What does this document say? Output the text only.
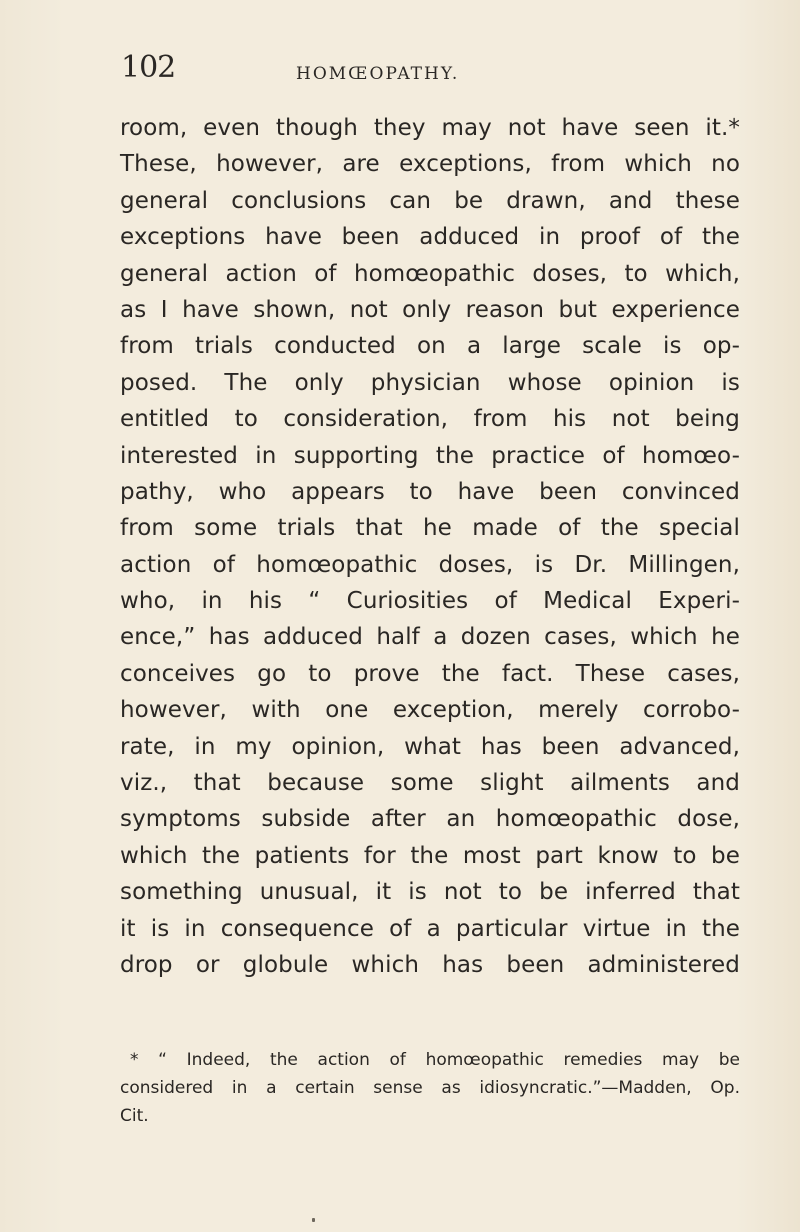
102	HOMŒOPATHY.
room, even though they may not have seen it.*
These, however, are exceptions, from which no
general conclusions can be drawn, and these
exceptions have been adduced in proof of the
general action of homœopathic doses, to which,
as I have shown, not only reason but experience
from trials conducted on a large scale is op-
posed. The only physician whose opinion is
entitled to consideration, from his not being
interested in supporting the practice of homœo-
pathy, who appears to have been convinced
from some trials that he made of the special
action of homœopathic doses, is Dr. Millingen,
who, in his “ Curiosities of Medical Experi-
ence,” has adduced half a dozen cases, which he
conceives go to prove the fact. These cases,
however, with one exception, merely corrobo-
rate, in my opinion, what has been advanced,
viz., that because some slight ailments and
symptoms subside after an homœopathic dose,
which the patients for the most part know to be
something unusual, it is not to be inferred that
it is in consequence of a particular virtue in the
drop or globule which has been administered
* “ Indeed, the action of homœopathic remedies may be
considered in a certain sense as idiosyncratic.”—Madden, Op.
Cit.
